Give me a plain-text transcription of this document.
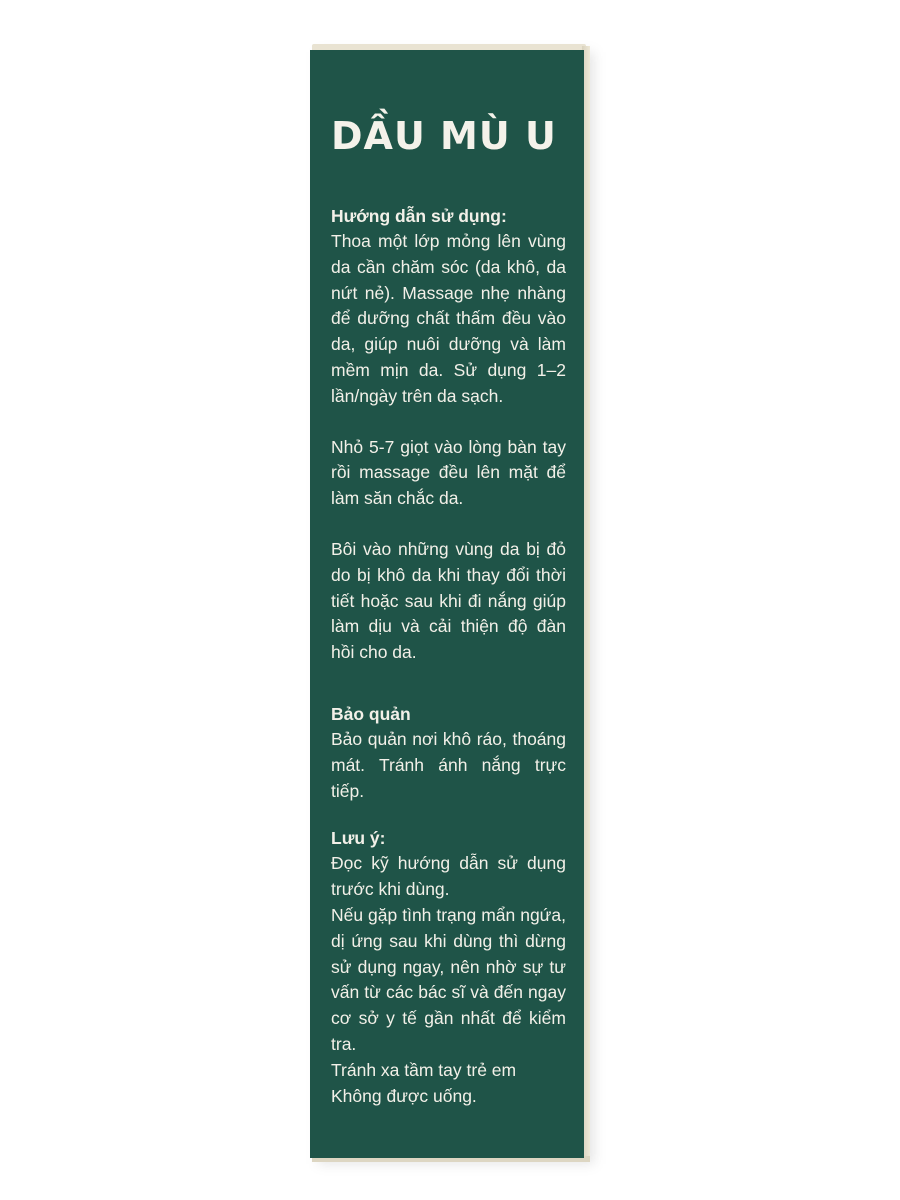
DẦU MÙ U

Hướng dẫn sử dụng:

Thoa một lớp mỏng lên vùng da cần chăm sóc (da khô, da nứt nẻ). Massage nhẹ nhàng để dưỡng chất thấm đều vào da, giúp nuôi dưỡng và làm mềm mịn da. Sử dụng 1–2 lần/ngày trên da sạch.

Nhỏ 5-7 giọt vào lòng bàn tay rồi massage đều lên mặt để làm săn chắc da.

Bôi vào những vùng da bị đỏ do bị khô da khi thay đổi thời tiết hoặc sau khi đi nắng giúp làm dịu và cải thiện độ đàn hồi cho da.

Bảo quản

Bảo quản nơi khô ráo, thoáng mát. Tránh ánh nắng trực tiếp.

Lưu ý:

Đọc kỹ hướng dẫn sử dụng trước khi dùng.

Nếu gặp tình trạng mẩn ngứa, dị ứng sau khi dùng thì dừng sử dụng ngay, nên nhờ sự tư vấn từ các bác sĩ và đến ngay cơ sở y tế gần nhất để kiểm tra.

Tránh xa tầm tay trẻ em

Không được uống.
